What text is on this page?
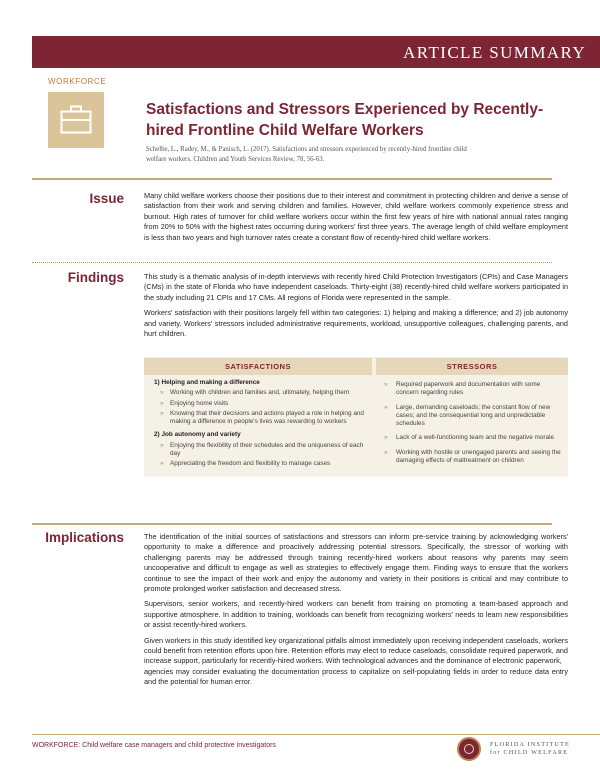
ARTICLE SUMMARY
WORKFORCE
Satisfactions and Stressors Experienced by Recently-hired Frontline Child Welfare Workers
Schelbe, L., Radey, M., & Panisch, L. (2017). Satisfactions and stressors experienced by recently-hired frontline child
welfare workers. Children and Youth Services Review, 78, 56-63.
Issue	Many child welfare workers choose their positions due to their interest and commitment in protecting children and derive a sense of satisfaction from their work and serving children and families. However, child welfare workers commonly experience stress and burnout. High rates of turnover for child welfare workers occur within the first few years of hire with national annual rates ranging from 20% to 50% with the highest rates occurring during workers' first three years. The average length of child welfare employment is less than two years and high turnover rates create a constant flow of recently-hired child welfare workers.

Findings	This study is a thematic analysis of in-depth interviews with recently hired Child Protection Investigators (CPIs) and Case Managers (CMs) in the state of Florida who have independent caseloads. Thirty-eight (38) recently-hired child welfare workers participated in the study including 21 CPIs and 17 CMs. All regions of Florida were represented in the sample.

Workers' satisfaction with their positions largely fell within two categories: 1) helping and making a difference; and 2) job autonomy and variety. Workers' stressors included administrative requirements, workload, unsupportive colleagues, challenging parents, and hurt children.

SATISFACTIONS	STRESSORS
1) Helping and making a difference
» Working with children and families and, ultimately, helping them
» Enjoying home visits
» Knowing that their decisions and actions played a role in helping and making a difference in people's lives was rewarding to workers
2) Job autonomy and variety
» Enjoying the flexibility of their schedules and the uniqueness of each day
» Appreciating the freedom and flexibility to manage cases
» Required paperwork and documentation with some concern regarding rules
» Large, demanding caseloads; the constant flow of new cases; and the consequential long and unpredictable schedules
» Lack of a well-functioning team and the negative morale
» Working with hostile or unengaged parents and seeing the damaging effects of maltreatment on children
Implications	The identification of the initial sources of satisfactions and stressors can inform pre-service training by acknowledging workers' opportunity to make a difference and proactively addressing potential stressors. Specifically, the stressor of working with challenging parents may be addressed through training recently-hired workers about reasons why parents may seem uncooperative and difficult to engage as well as strategies to effectively engage them. Finding ways to ensure that the workers continue to see the impact of their work and enjoy the autonomy and variety in their positions is critical and may contribute to promote prolonged worker satisfaction and decreased stress.

Supervisors, senior workers, and recently-hired workers can benefit from training on promoting a team-based approach and supportive atmosphere. In addition to training, workloads can benefit from recognizing workers' needs to learn new responsibilities or assist recently-hired workers.

Given workers in this study identified key organizational pitfalls almost immediately upon receiving independent caseloads, workers could benefit from retention efforts upon hire. Retention efforts may elect to reduce caseloads, consolidate required paperwork, and increase support, particularly for recently-hired workers. With technological advances and the dominance of electronic paperwork,

agencies may consider evaluating the documentation process to capitalize on self-populating fields in order to reduce data entry and the potential for human error.

WORKFORCE: Child welfare case managers and child protective investigators	FLORIDA INSTITUTE
for CHILD WELFARE
